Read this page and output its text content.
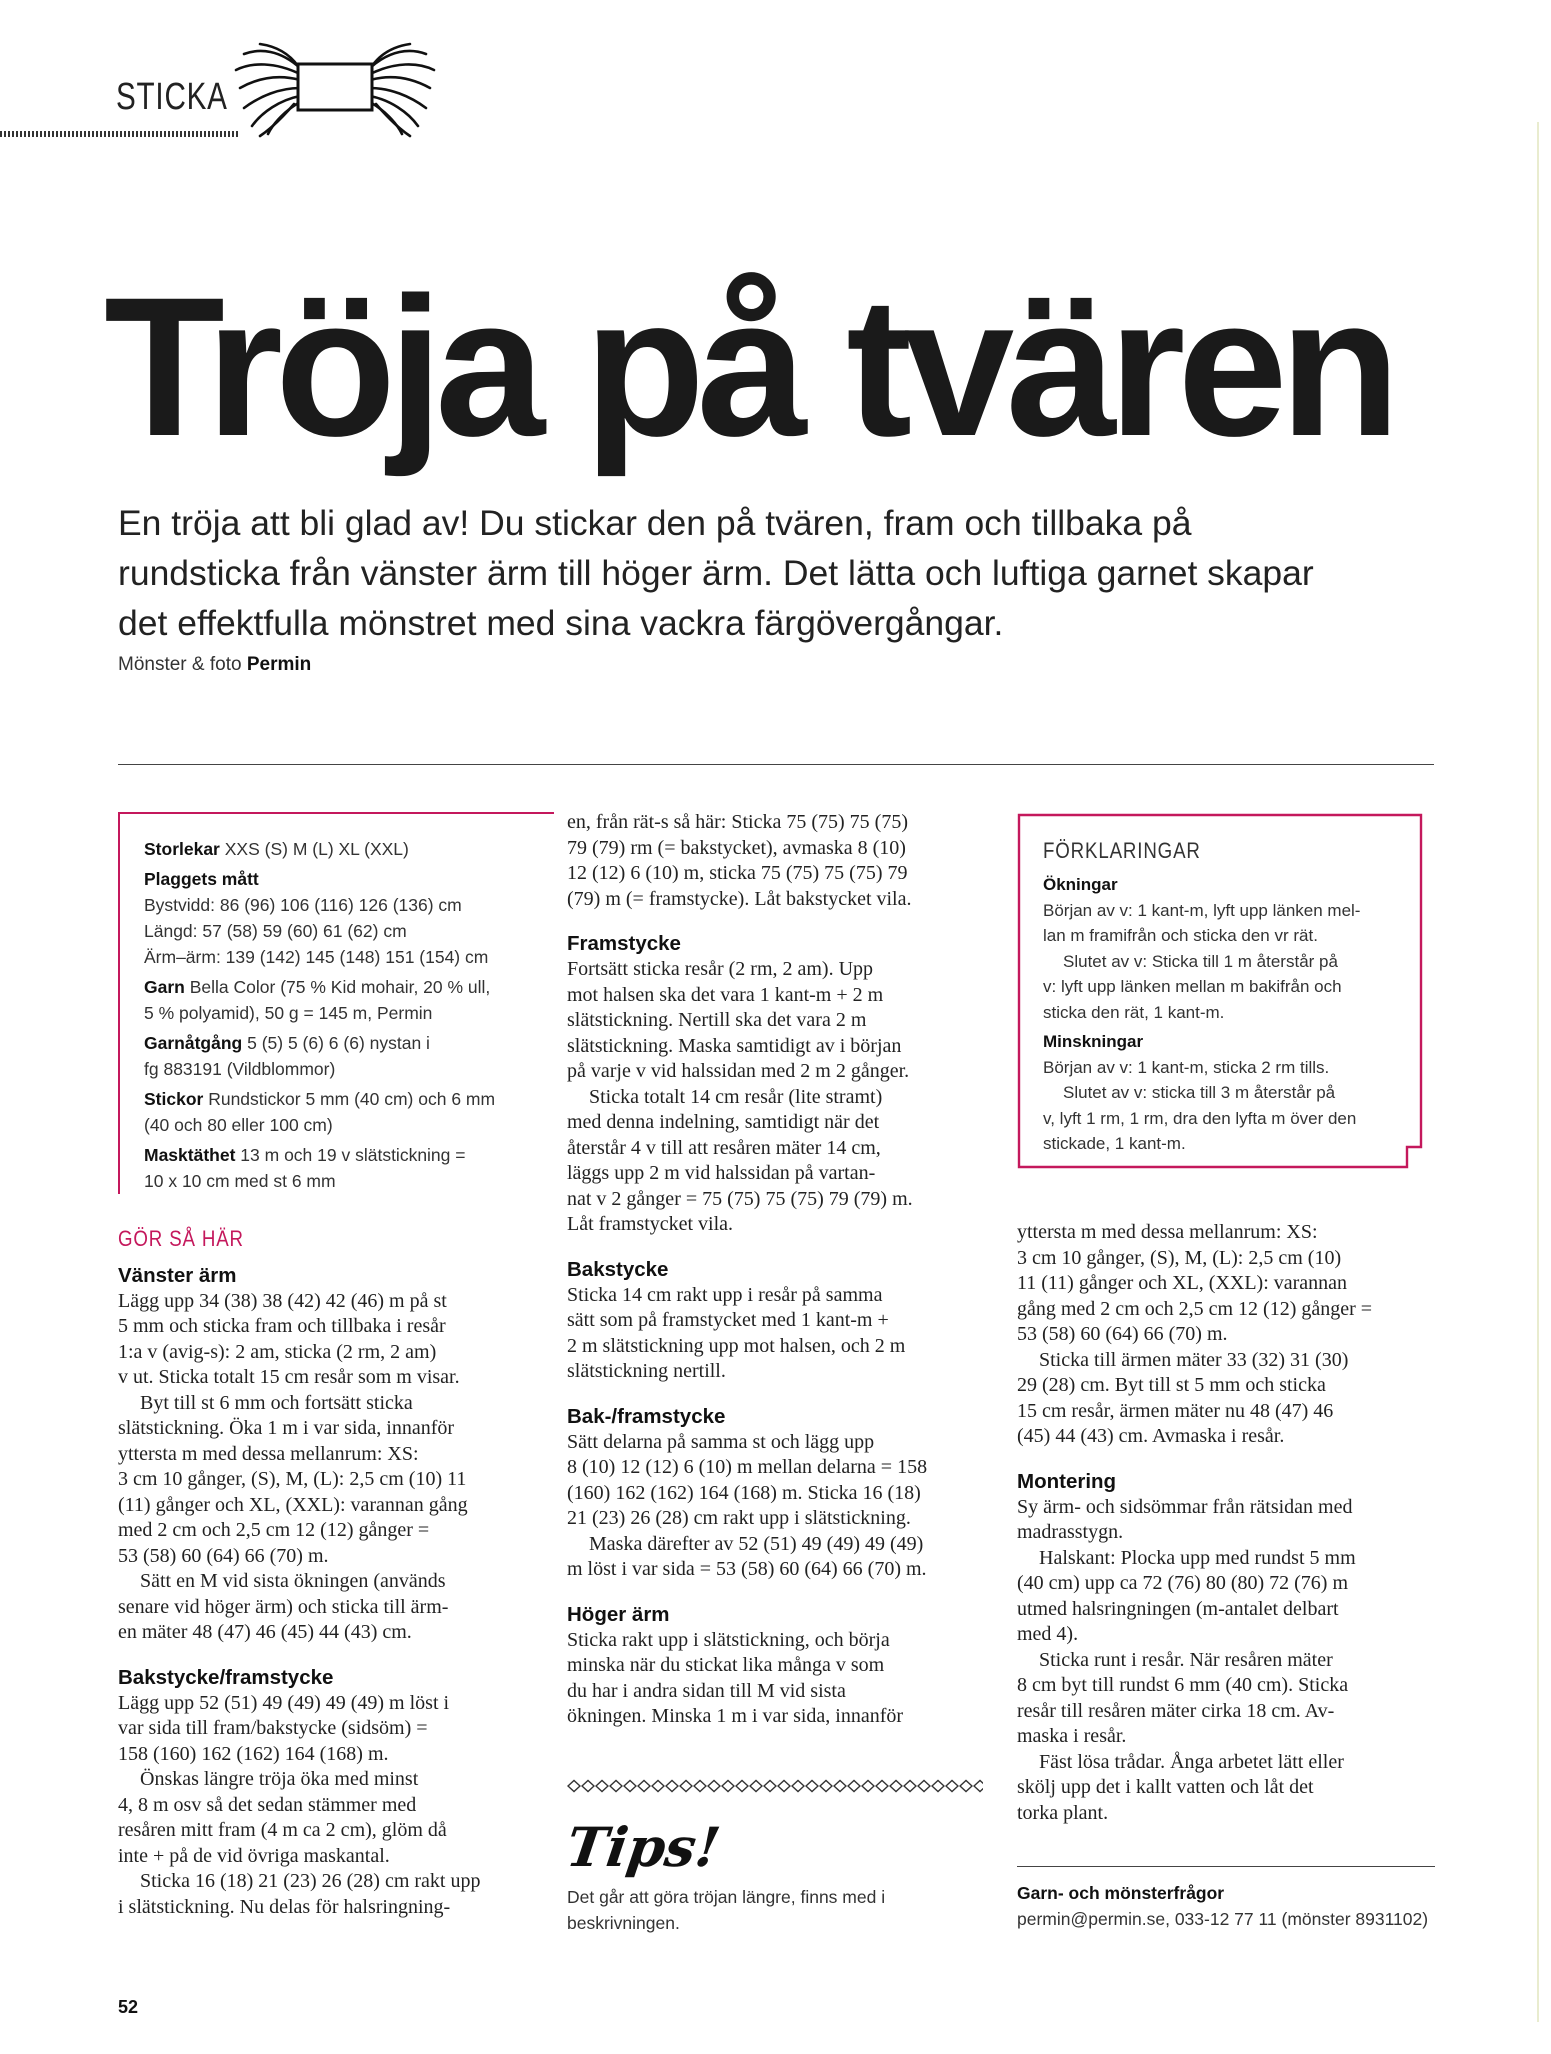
STICKA
Tröja på tvären

En tröja att bli glad av! Du stickar den på tvären, fram och tillbaka på

rundsticka från vänster ärm till höger ärm. Det lätta och luftiga garnet skapar

det effektfulla mönstret med sina vackra färgövergångar.

Mönster & foto Permin
Storlekar XXS (S) M (L) XL (XXL)
Plaggets mått
Bystvidd: 86 (96) 106 (116) 126 (136) cm
Längd: 57 (58) 59 (60) 61 (62) cm
Ärm–ärm: 139 (142) 145 (148) 151 (154) cm
Garn Bella Color (75 % Kid mohair, 20 % ull,
5 % polyamid), 50 g = 145 m, Permin
Garnåtgång 5 (5) 5 (6) 6 (6) nystan i
fg 883191 (Vildblommor)
Stickor Rundstickor 5 mm (40 cm) och 6 mm
(40 och 80 eller 100 cm)
Masktäthet 13 m och 19 v slätstickning =
10 x 10 cm med st 6 mm
GÖR SÅ HÄR
Vänster ärm

Lägg upp 34 (38) 38 (42) 42 (46) m på st

5 mm och sticka fram och tillbaka i resår

1:a v (avig-s): 2 am, sticka (2 rm, 2 am)

v ut. Sticka totalt 15 cm resår som m visar.

Byt till st 6 mm och fortsätt sticka

slätstickning. Öka 1 m i var sida, innanför

yttersta m med dessa mellanrum: XS:

3 cm 10 gånger, (S), M, (L): 2,5 cm (10) 11

(11) gånger och XL, (XXL): varannan gång

med 2 cm och 2,5 cm 12 (12) gånger =

53 (58) 60 (64) 66 (70) m.

Sätt en M vid sista ökningen (används

senare vid höger ärm) och sticka till ärm-

en mäter 48 (47) 46 (45) 44 (43) cm.

Bakstycke/framstycke

Lägg upp 52 (51) 49 (49) 49 (49) m löst i

var sida till fram/bakstycke (sidsöm) =

158 (160) 162 (162) 164 (168) m.

Önskas längre tröja öka med minst

4, 8 m osv så det sedan stämmer med

resåren mitt fram (4 m ca 2 cm), glöm då

inte + på de vid övriga maskantal.

Sticka 16 (18) 21 (23) 26 (28) cm rakt upp

i slätstickning. Nu delas för halsringning-

en, från rät-s så här: Sticka 75 (75) 75 (75)

79 (79) rm (= bakstycket), avmaska 8 (10)

12 (12) 6 (10) m, sticka 75 (75) 75 (75) 79

(79) m (= framstycke). Låt bakstycket vila.

Framstycke

Fortsätt sticka resår (2 rm, 2 am). Upp

mot halsen ska det vara 1 kant-m + 2 m

slätstickning. Nertill ska det vara 2 m

slätstickning. Maska samtidigt av i början

på varje v vid halssidan med 2 m 2 gånger.

Sticka totalt 14 cm resår (lite stramt)

med denna indelning, samtidigt när det

återstår 4 v till att resåren mäter 14 cm,

läggs upp 2 m vid halssidan på vartan-

nat v 2 gånger = 75 (75) 75 (75) 79 (79) m.

Låt framstycket vila.

Bakstycke

Sticka 14 cm rakt upp i resår på samma

sätt som på framstycket med 1 kant-m +

2 m slätstickning upp mot halsen, och 2 m

slätstickning nertill.

Bak-/framstycke

Sätt delarna på samma st och lägg upp

8 (10) 12 (12) 6 (10) m mellan delarna = 158

(160) 162 (162) 164 (168) m. Sticka 16 (18)

21 (23) 26 (28) cm rakt upp i slätstickning.

Maska därefter av 52 (51) 49 (49) 49 (49)

m löst i var sida = 53 (58) 60 (64) 66 (70) m.

Höger ärm

Sticka rakt upp i slätstickning, och börja

minska när du stickat lika många v som

du har i andra sidan till M vid sista

ökningen. Minska 1 m i var sida, innanför

Tips!
Det går att göra tröjan längre, finns med i
beskrivningen.
FÖRKLARINGAR
Ökningar
Början av v: 1 kant-m, lyft upp länken mel-
lan m framifrån och sticka den vr rät.
Slutet av v: Sticka till 1 m återstår på
v: lyft upp länken mellan m bakifrån och
sticka den rät, 1 kant-m.
Minskningar
Början av v: 1 kant-m, sticka 2 rm tills.
Slutet av v: sticka till 3 m återstår på
v, lyft 1 rm, 1 rm, dra den lyfta m över den
stickade, 1 kant-m.

yttersta m med dessa mellanrum: XS:

3 cm 10 gånger, (S), M, (L): 2,5 cm (10)

11 (11) gånger och XL, (XXL): varannan

gång med 2 cm och 2,5 cm 12 (12) gånger =

53 (58) 60 (64) 66 (70) m.

Sticka till ärmen mäter 33 (32) 31 (30)

29 (28) cm. Byt till st 5 mm och sticka

15 cm resår, ärmen mäter nu 48 (47) 46

(45) 44 (43) cm. Avmaska i resår.

Montering

Sy ärm- och sidsömmar från rätsidan med

madrasstygn.

Halskant: Plocka upp med rundst 5 mm

(40 cm) upp ca 72 (76) 80 (80) 72 (76) m

utmed halsringningen (m-antalet delbart

med 4).

Sticka runt i resår. När resåren mäter

8 cm byt till rundst 6 mm (40 cm). Sticka

resår till resåren mäter cirka 18 cm. Av-

maska i resår.

Fäst lösa trådar. Ånga arbetet lätt eller

skölj upp det i kallt vatten och låt det

torka plant.

Garn- och mönsterfrågor
permin@permin.se, 033-12 77 11 (mönster 8931102)
52
